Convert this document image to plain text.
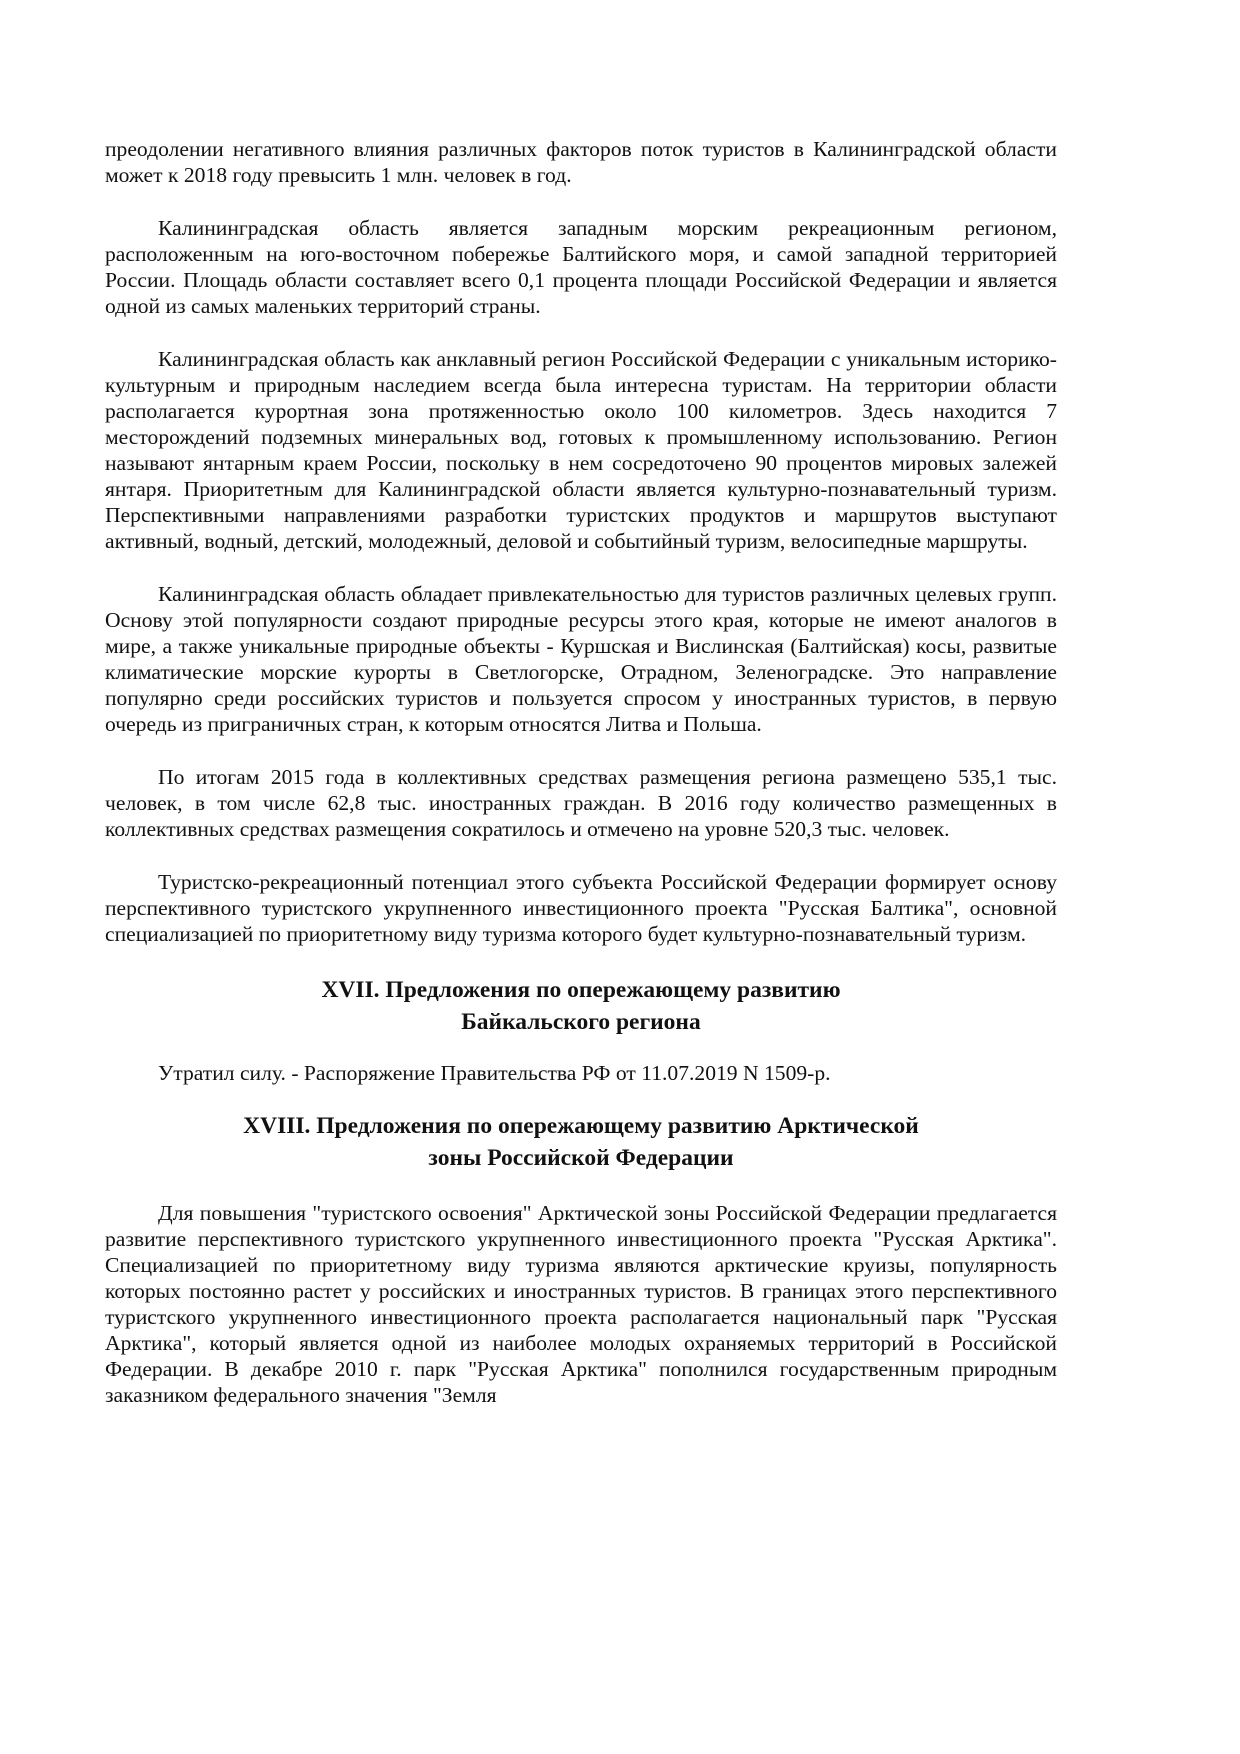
преодолении негативного влияния различных факторов поток туристов в Калининградской области может к 2018 году превысить 1 млн. человек в год.

Калининградская область является западным морским рекреационным регионом, расположенным на юго-восточном побережье Балтийского моря, и самой западной территорией России. Площадь области составляет всего 0,1 процента площади Российской Федерации и является одной из самых маленьких территорий страны.

Калининградская область как анклавный регион Российской Федерации с уникальным историко-культурным и природным наследием всегда была интересна туристам. На территории области располагается курортная зона протяженностью около 100 километров. Здесь находится 7 месторождений подземных минеральных вод, готовых к промышленному использованию. Регион называют янтарным краем России, поскольку в нем сосредоточено 90 процентов мировых залежей янтаря. Приоритетным для Калининградской области является культурно-познавательный туризм. Перспективными направлениями разработки туристских продуктов и маршрутов выступают активный, водный, детский, молодежный, деловой и событийный туризм, велосипедные маршруты.

Калининградская область обладает привлекательностью для туристов различных целевых групп. Основу этой популярности создают природные ресурсы этого края, которые не имеют аналогов в мире, а также уникальные природные объекты - Куршская и Вислинская (Балтийская) косы, развитые климатические морские курорты в Светлогорске, Отрадном, Зеленоградске. Это направление популярно среди российских туристов и пользуется спросом у иностранных туристов, в первую очередь из приграничных стран, к которым относятся Литва и Польша.

По итогам 2015 года в коллективных средствах размещения региона размещено 535,1 тыс. человек, в том числе 62,8 тыс. иностранных граждан. В 2016 году количество размещенных в коллективных средствах размещения сократилось и отмечено на уровне 520,3 тыс. человек.

Туристско-рекреационный потенциал этого субъекта Российской Федерации формирует основу перспективного туристского укрупненного инвестиционного проекта "Русская Балтика", основной специализацией по приоритетному виду туризма которого будет культурно-познавательный туризм.

XVII. Предложения по опережающему развитию
Байкальского региона

Утратил силу. - Распоряжение Правительства РФ от 11.07.2019 N 1509-р.

XVIII. Предложения по опережающему развитию Арктической
зоны Российской Федерации

Для повышения "туристского освоения" Арктической зоны Российской Федерации предлагается развитие перспективного туристского укрупненного инвестиционного проекта "Русская Арктика". Специализацией по приоритетному виду туризма являются арктические круизы, популярность которых постоянно растет у российских и иностранных туристов. В границах этого перспективного туристского укрупненного инвестиционного проекта располагается национальный парк "Русская Арктика", который является одной из наиболее молодых охраняемых территорий в Российской Федерации. В декабре 2010 г. парк "Русская Арктика" пополнился государственным природным заказником федерального значения "Земля
